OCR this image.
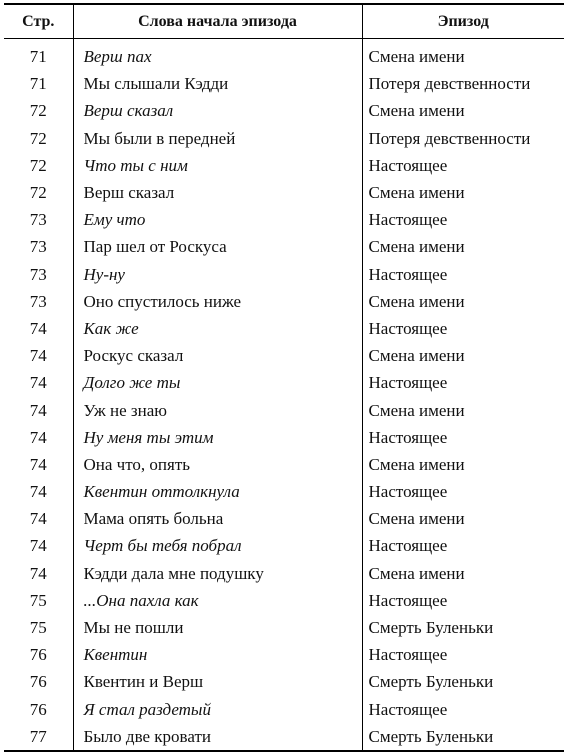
Стр.	Слова начала эпизода	Эпизод
71	Верш пах	Смена имени
71	Мы слышали Кэдди	Потеря девственности
72	Верш сказал	Смена имени
72	Мы были в передней	Потеря девственности
72	Что ты с ним	Настоящее
72	Верш сказал	Смена имени
73	Ему что	Настоящее
73	Пар шел от Роскуса	Смена имени
73	Ну-ну	Настоящее
73	Оно спустилось ниже	Смена имени
74	Как же	Настоящее
74	Роскус сказал	Смена имени
74	Долго же ты	Настоящее
74	Уж не знаю	Смена имени
74	Ну меня ты этим	Настоящее
74	Она что, опять	Смена имени
74	Квентин оттолкнула	Настоящее
74	Мама опять больна	Смена имени
74	Черт бы тебя побрал	Настоящее
74	Кэдди дала мне подушку	Смена имени
75	...Она пахла как	Настоящее
75	Мы не пошли	Смерть Буленьки
76	Квентин	Настоящее
76	Квентин и Верш	Смерть Буленьки
76	Я стал раздетый	Настоящее
77	Было две кровати	Смерть Буленьки
